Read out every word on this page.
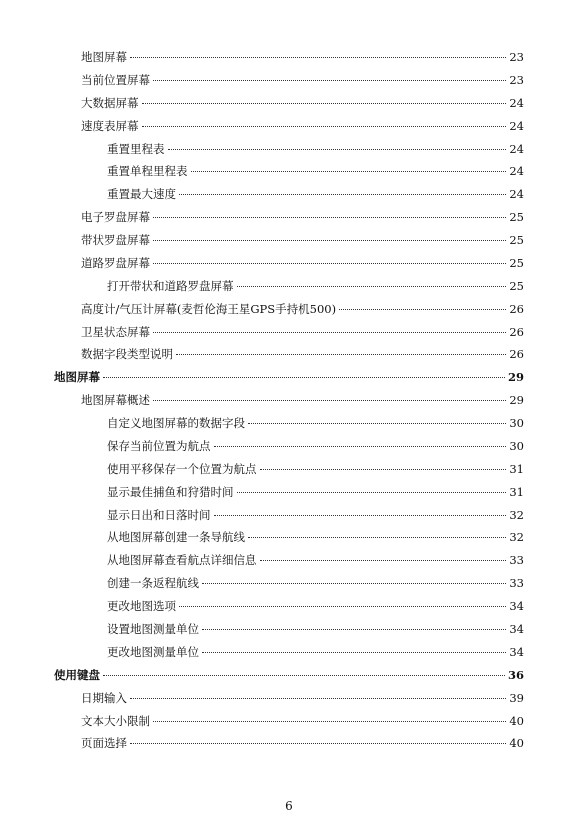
地图屏幕	23
当前位置屏幕	23
大数据屏幕	24
速度表屏幕	24
重置里程表	24
重置单程里程表	24
重置最大速度	24
电子罗盘屏幕	25
带状罗盘屏幕	25
道路罗盘屏幕	25
打开带状和道路罗盘屏幕	25
高度计/气压计屏幕(麦哲伦海王星GPS手持机500)	26
卫星状态屏幕	26
数据字段类型说明	26
地图屏幕	29
地图屏幕概述	29
自定义地图屏幕的数据字段	30
保存当前位置为航点	30
使用平移保存一个位置为航点	31
显示最佳捕鱼和狩猎时间	31
显示日出和日落时间	32
从地图屏幕创建一条导航线	32
从地图屏幕查看航点详细信息	33
创建一条返程航线	33
更改地图选项	34
设置地图测量单位	34
更改地图测量单位	34
使用键盘	36
日期输入	39
文本大小限制	40
页面选择	40
6
